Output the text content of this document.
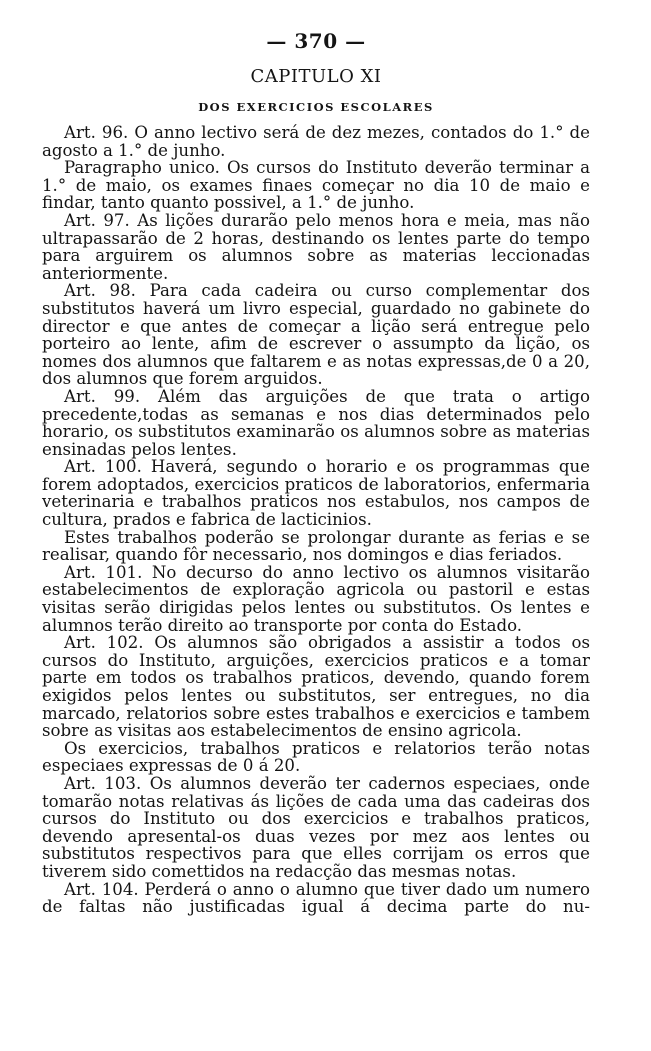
— 370 —
CAPITULO XI
DOS EXERCICIOS ESCOLARES

Art. 96. O anno lectivo será de dez mezes, contados do 1.° de agosto a 1.° de junho.

Paragrapho unico. Os cursos do Instituto deverão terminar a 1.° de maio, os exames finaes começar no dia 10 de maio e findar, tanto quanto possivel, a 1.° de junho.

Art. 97. As lições durarão pelo menos hora e meia, mas não ultrapassarão de 2 horas, destinando os lentes parte do tempo para arguirem os alumnos sobre as materias leccionadas anteriormente.

Art. 98. Para cada cadeira ou curso complementar dos substitutos haverá um livro especial, guardado no gabinete do director e que antes de começar a lição será entregue pelo porteiro ao lente, afim de escrever o assumpto da lição, os nomes dos alumnos que faltarem e as notas expressas,de 0 a 20, dos alumnos que forem arguidos.

Art. 99. Além das arguições de que trata o artigo precedente,todas as semanas e nos dias determinados pelo horario, os substitutos examinarão os alumnos sobre as materias ensinadas pelos lentes.

Art. 100. Haverá, segundo o horario e os programmas que forem adoptados, exercicios praticos de laboratorios, enfermaria veterinaria e trabalhos praticos nos estabulos, nos campos de cultura, prados e fabrica de lacticinios.

Estes trabalhos poderão se prolongar durante as ferias e se realisar, quando fôr necessario, nos domingos e dias feriados.

Art. 101. No decurso do anno lectivo os alumnos visitarão estabelecimentos de exploração agricola ou pastoril e estas visitas serão dirigidas pelos lentes ou substitutos. Os lentes e alumnos terão direito ao transporte por conta do Estado.

Art. 102. Os alumnos são obrigados a assistir a todos os cursos do Instituto, arguições, exercicios praticos e a tomar parte em todos os trabalhos praticos, devendo, quando forem exigidos pelos lentes ou substitutos, ser entregues, no dia marcado, relatorios sobre estes trabalhos e exercicios e tambem sobre as visitas aos estabelecimentos de ensino agricola.

Os exercicios, trabalhos praticos e relatorios terão notas especiaes expressas de 0 á 20.

Art. 103. Os alumnos deverão ter cadernos especiaes, onde tomarão notas relativas ás lições de cada uma das cadeiras dos cursos do Instituto ou dos exercicios e trabalhos praticos, devendo apresental-os duas vezes por mez aos lentes ou substitutos respectivos para que elles corrijam os erros que tiverem sido comettidos na redacção das mesmas notas.

Art. 104. Perderá o anno o alumno que tiver dado um numero de faltas não justificadas igual á decima parte do nu-
